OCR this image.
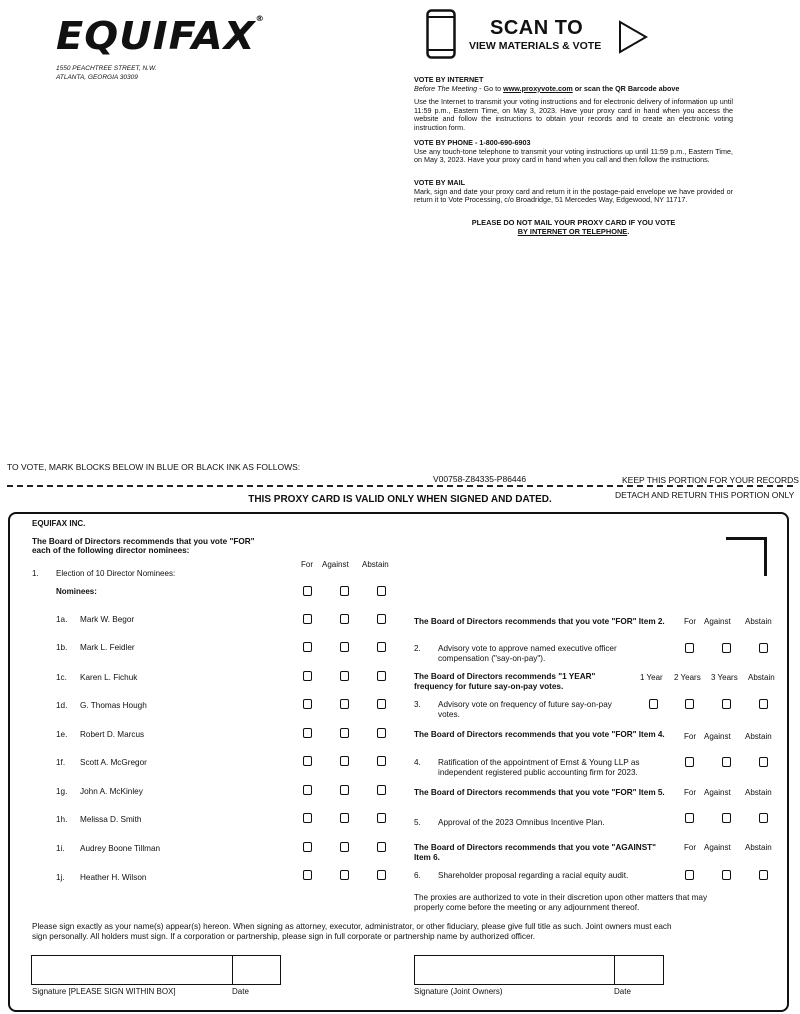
EQUIFAX®
1550 PEACHTREE STREET, N.W.
ATLANTA, GEORGIA 30309
SCAN TO
VIEW MATERIALS & VOTE
VOTE BY INTERNET
Before The Meeting - Go to www.proxyvote.com or scan the QR Barcode above
Use the Internet to transmit your voting instructions and for electronic delivery of information up until 11:59 p.m., Eastern Time, on May 3, 2023. Have your proxy card in hand when you access the website and follow the instructions to obtain your records and to create an electronic voting instruction form.
VOTE BY PHONE - 1-800-690-6903
Use any touch-tone telephone to transmit your voting instructions up until 11:59 p.m., Eastern Time, on May 3, 2023. Have your proxy card in hand when you call and then follow the instructions.
VOTE BY MAIL
Mark, sign and date your proxy card and return it in the postage-paid envelope we have provided or return it to Vote Processing, c/o Broadridge, 51 Mercedes Way, Edgewood, NY 11717.
PLEASE DO NOT MAIL YOUR PROXY CARD IF YOU VOTE
BY INTERNET OR TELEPHONE.
TO VOTE, MARK BLOCKS BELOW IN BLUE OR BLACK INK AS FOLLOWS:
V00758-Z84335-P86446	KEEP THIS PORTION FOR YOUR RECORDS
THIS PROXY CARD IS VALID ONLY WHEN SIGNED AND DATED.	DETACH AND RETURN THIS PORTION ONLY
EQUIFAX INC.
The Board of Directors recommends that you vote "FOR"
each of the following director nominees:
For Against Abstain
1. Election of 10 Director Nominees:
Nominees:
1a. Mark W. Begor
1b. Mark L. Feidler
1c. Karen L. Fichuk
1d. G. Thomas Hough
1e. Robert D. Marcus
1f. Scott A. McGregor
1g. John A. McKinley
1h. Melissa D. Smith
1i. Audrey Boone Tillman
1j. Heather H. Wilson
The Board of Directors recommends that you vote "FOR" Item 2. For Against Abstain
2. Advisory vote to approve named executive officer compensation ("say-on-pay").
The Board of Directors recommends "1 YEAR" frequency for future say-on-pay votes.
1 Year 2 Years 3 Years Abstain
3. Advisory vote on frequency of future say-on-pay votes.
The Board of Directors recommends that you vote "FOR" Item 4. For Against Abstain
4. Ratification of the appointment of Ernst & Young LLP as independent registered public accounting firm for 2023.
The Board of Directors recommends that you vote "FOR" Item 5. For Against Abstain
5. Approval of the 2023 Omnibus Incentive Plan.
The Board of Directors recommends that you vote "AGAINST" Item 6.
For Against Abstain
6. Shareholder proposal regarding a racial equity audit.
The proxies are authorized to vote in their discretion upon other matters that may properly come before the meeting or any adjournment thereof.
Please sign exactly as your name(s) appear(s) hereon. When signing as attorney, executor, administrator, or other fiduciary, please give full title as such. Joint owners must each sign personally. All holders must sign. If a corporation or partnership, please sign in full corporate or partnership name by authorized officer.
Signature [PLEASE SIGN WITHIN BOX]	Date	Signature (Joint Owners)	Date
